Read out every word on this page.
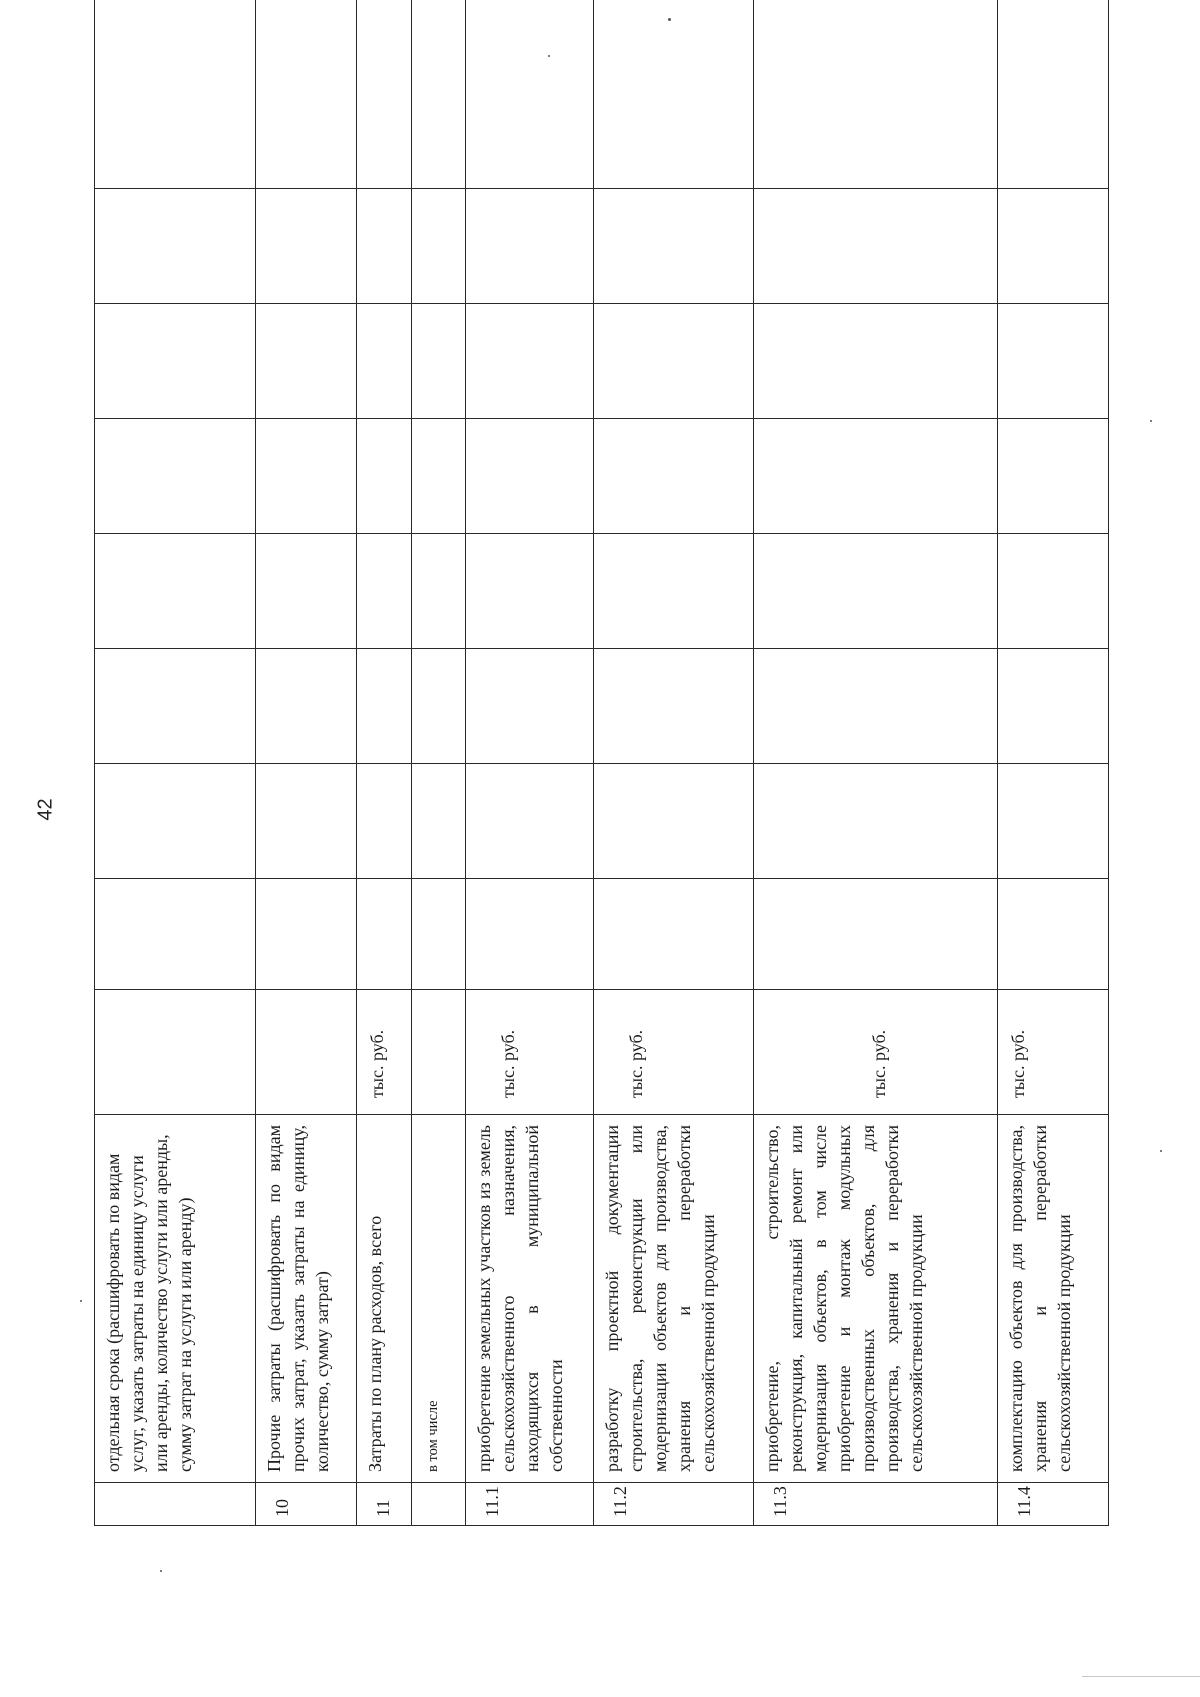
42
	отдельная срока (расшифровать по видам услуг, указать затраты на единицу услуги или аренды, количество услуги или аренды, сумму затрат на услуги или аренду)									
10	Прочие затраты (расшифровать по видам прочих затрат, указать затраты на единицу, количество, сумму затрат)									
11	Затраты по плану расходов, всего	тыс. руб.								
	в том числе									
11.1	приобретение земельных участков из земель сельскохозяйственного назначения, находящихся в муниципальной собственности	тыс. руб.								
11.2	разработку проектной документации строительства, реконструкции или модернизации объектов для производства, хранения и переработки сельскохозяйственной продукции	тыс. руб.								
11.3	приобретение, строительство, реконструкция, капитальный ремонт или модернизация объектов, в том числе приобретение и монтаж модульных производственных объектов, для производства, хранения и переработки сельскохозяйственной продукции	тыс. руб.								
11.4	комплектацию объектов для производства, хранения и переработки сельскохозяйственной продукции	тыс. руб.								
